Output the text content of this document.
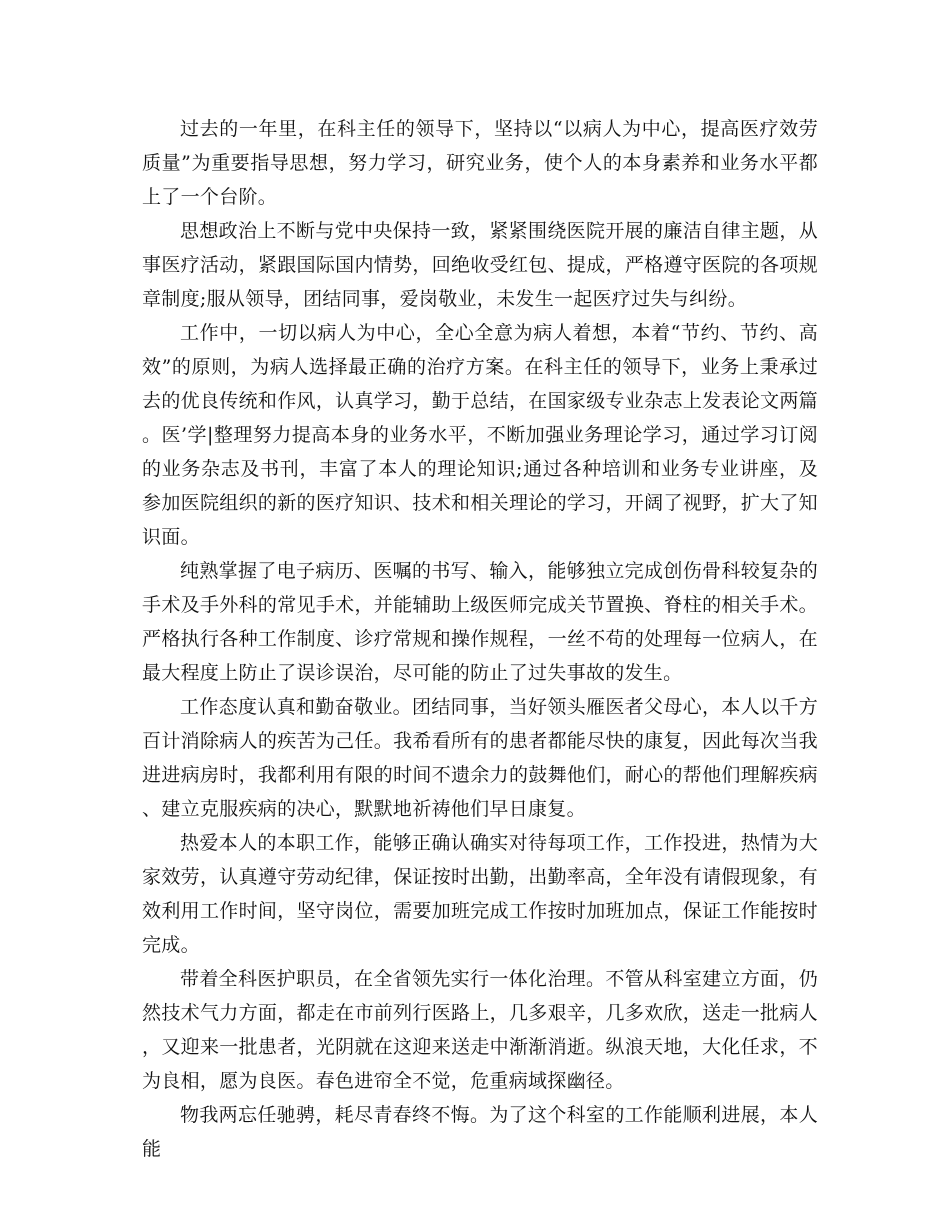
过去的一年里，在科主任的领导下，坚持以“以病人为中心，提高医疗效劳质量”为重要指导思想，努力学习，研究业务，使个人的本身素养和业务水平都上了一个台阶。

思想政治上不断与党中央保持一致，紧紧围绕医院开展的廉洁自律主题，从事医疗活动，紧跟国际国内情势，回绝收受红包、提成，严格遵守医院的各项规章制度;服从领导，团结同事，爱岗敬业，未发生一起医疗过失与纠纷。

工作中，一切以病人为中心，全心全意为病人着想，本着“节约、节约、高效”的原则，为病人选择最正确的治疗方案。在科主任的领导下，业务上秉承过去的优良传统和作风，认真学习，勤于总结，在国家级专业杂志上发表论文两篇。医’学|整理努力提高本身的业务水平，不断加强业务理论学习，通过学习订阅的业务杂志及书刊，丰富了本人的理论知识;通过各种培训和业务专业讲座，及参加医院组织的新的医疗知识、技术和相关理论的学习，开阔了视野，扩大了知识面。

纯熟掌握了电子病历、医嘱的书写、输入，能够独立完成创伤骨科较复杂的手术及手外科的常见手术，并能辅助上级医师完成关节置换、脊柱的相关手术。严格执行各种工作制度、诊疗常规和操作规程，一丝不苟的处理每一位病人，在最大程度上防止了误诊误治，尽可能的防止了过失事故的发生。

工作态度认真和勤奋敬业。团结同事，当好领头雁医者父母心，本人以千方百计消除病人的疾苦为己任。我希看所有的患者都能尽快的康复，因此每次当我进进病房时，我都利用有限的时间不遗余力的鼓舞他们，耐心的帮他们理解疾病、建立克服疾病的决心，默默地祈祷他们早日康复。

热爱本人的本职工作，能够正确认确实对待每项工作，工作投进，热情为大家效劳，认真遵守劳动纪律，保证按时出勤，出勤率高，全年没有请假现象，有效利用工作时间，坚守岗位，需要加班完成工作按时加班加点，保证工作能按时完成。

带着全科医护职员，在全省领先实行一体化治理。不管从科室建立方面，仍然技术气力方面，都走在市前列行医路上，几多艰辛，几多欢欣，送走一批病人，又迎来一批患者，光阴就在这迎来送走中渐渐消逝。纵浪天地，大化任求，不为良相，愿为良医。春色进帘全不觉，危重病域探幽径。

物我两忘任驰骋，耗尽青春终不悔。为了这个科室的工作能顺利进展，本人能
